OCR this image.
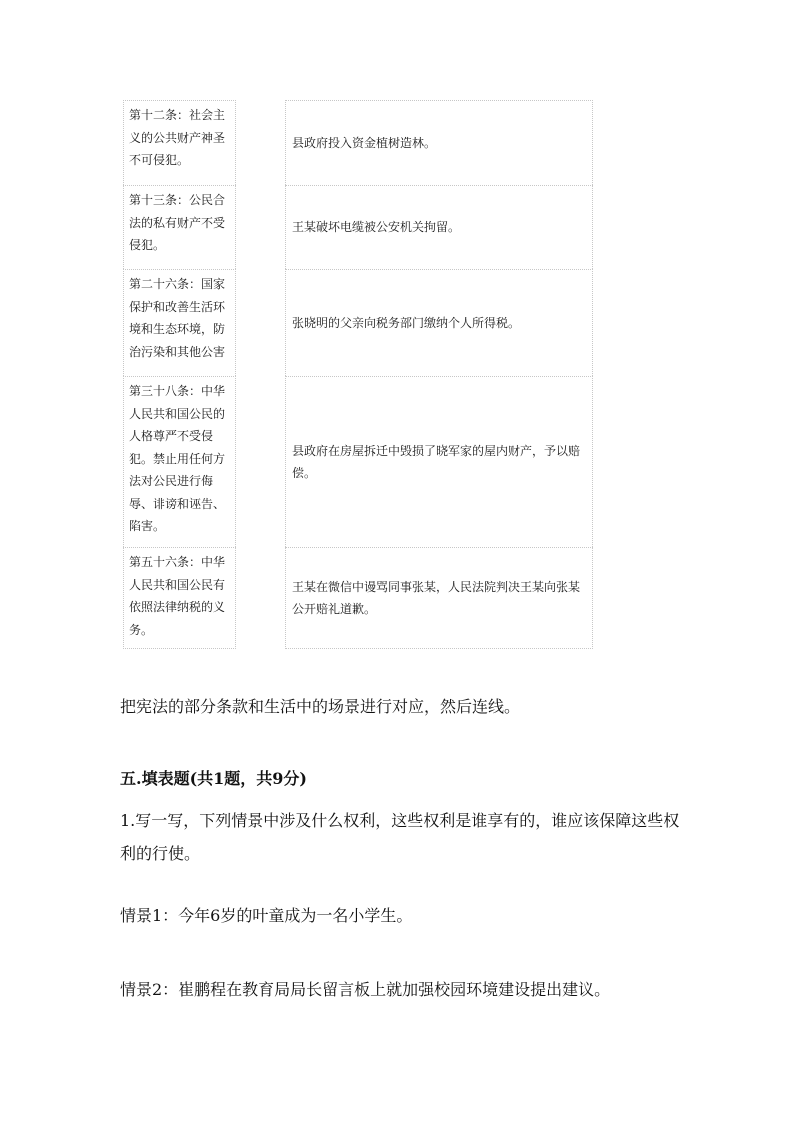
第十二条：社会主义的公共财产神圣不可侵犯。
第十三条：公民合法的私有财产不受侵犯。
第二十六条：国家保护和改善生活环境和生态环境，防治污染和其他公害
第三十八条：中华人民共和国公民的人格尊严不受侵犯。禁止用任何方法对公民进行侮辱、诽谤和诬告、陷害。
第五十六条：中华人民共和国公民有依照法律纳税的义务。
县政府投入资金植树造林。
王某破坏电缆被公安机关拘留。
张晓明的父亲向税务部门缴纳个人所得税。
县政府在房屋拆迁中毁损了晓军家的屋内财产，予以赔偿。
王某在微信中谩骂同事张某，人民法院判决王某向张某公开赔礼道歉。
把宪法的部分条款和生活中的场景进行对应，然后连线。
五.填表题(共1题，共9分)
1.写一写，下列情景中涉及什么权利，这些权利是谁享有的，谁应该保障这些权利的行使。
情景1：今年6岁的叶童成为一名小学生。
情景2：崔鹏程在教育局局长留言板上就加强校园环境建设提出建议。
